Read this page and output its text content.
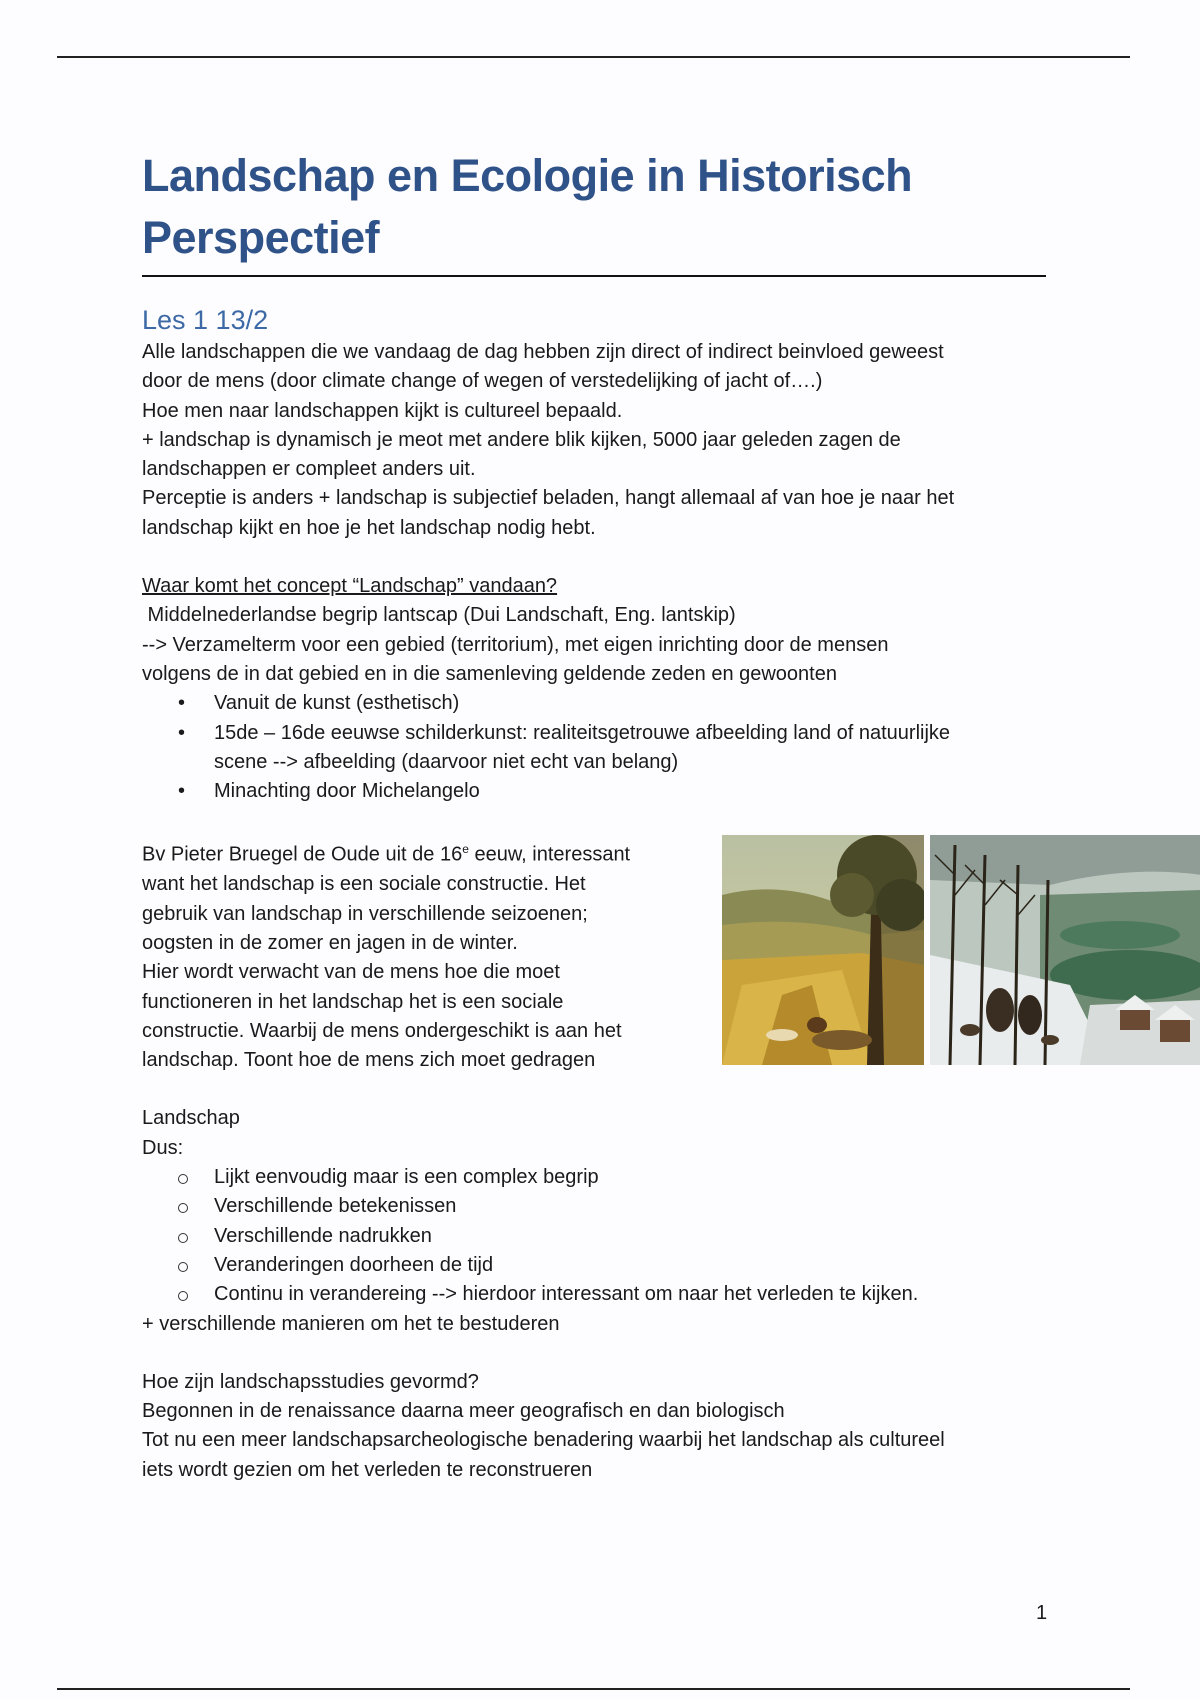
Landschap en Ecologie in Historisch Perspectief
Les 1 13/2

Alle landschappen die we vandaag de dag hebben zijn direct of indirect beinvloed geweest

door de mens (door climate change of wegen of verstedelijking of jacht of….)

Hoe men naar landschappen kijkt is cultureel bepaald.

+ landschap is dynamisch je meot met andere blik kijken, 5000 jaar geleden zagen de

landschappen er compleet anders uit.

Perceptie is anders + landschap is subjectief beladen, hangt allemaal af van hoe je naar het

landschap kijkt en hoe je het landschap nodig hebt.

Waar komt het concept “Landschap” vandaan?

Middelnederlandse begrip lantscap (Dui Landschaft, Eng. lantskip)

--> Verzamelterm voor een gebied (territorium), met eigen inrichting door de mensen

volgens de in dat gebied en in die samenleving geldende zeden en gewoonten

• Vanuit de kunst (esthetisch)
• 15de – 16de eeuwse schilderkunst: realiteitsgetrouwe afbeelding land of natuurlijke
scene --> afbeelding (daarvoor niet echt van belang)
• Minachting door Michelangelo

Bv Pieter Bruegel de Oude uit de 16e eeuw, interessant

want het landschap is een sociale constructie. Het

gebruik van landschap in verschillende seizoenen;

oogsten in de zomer en jagen in de winter.

Hier wordt verwacht van de mens hoe die moet

functioneren in het landschap het is een sociale

constructie. Waarbij de mens ondergeschikt is aan het

landschap. Toont hoe de mens zich moet gedragen

Landschap

Dus:

Lijkt eenvoudig maar is een complex begrip
Verschillende betekenissen
Verschillende nadrukken
Veranderingen doorheen de tijd
Continu in verandereing --> hierdoor interessant om naar het verleden te kijken.

+ verschillende manieren om het te bestuderen

Hoe zijn landschapsstudies gevormd?

Begonnen in de renaissance daarna meer geografisch en dan biologisch

Tot nu een meer landschapsarcheologische benadering waarbij het landschap als cultureel

iets wordt gezien om het verleden te reconstrueren

1
